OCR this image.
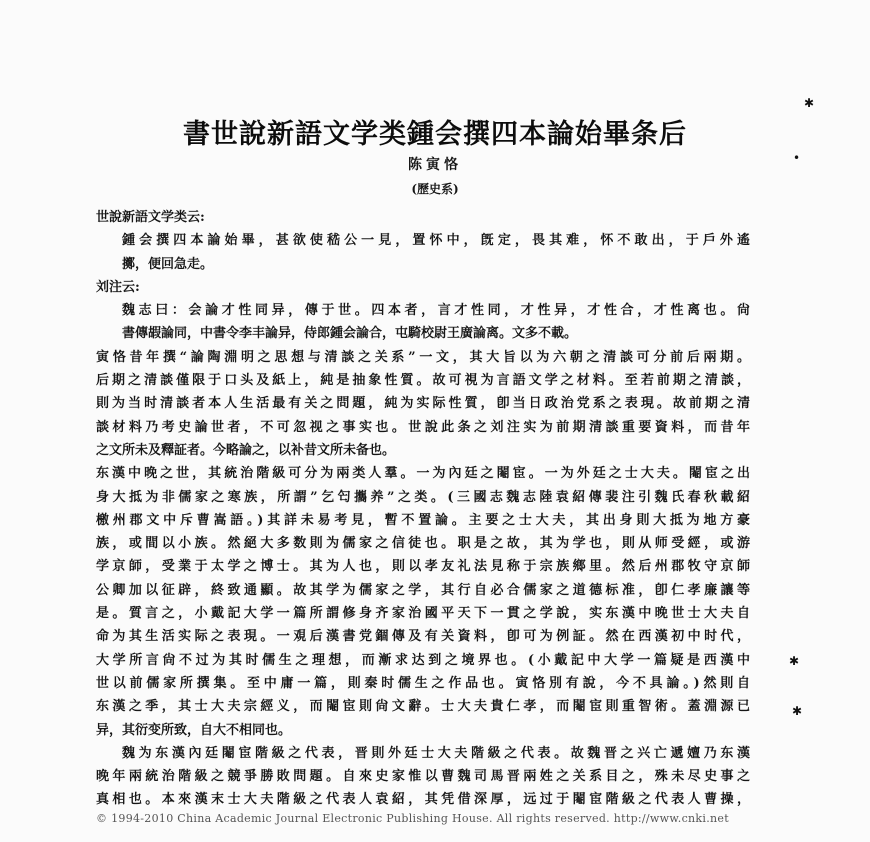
書世說新語文学类鍾会撰四本論始畢条后
陈寅恪
(歷史系)
世說新語文学类云:
鍾会撰四本論始畢，甚欲使嵇公一見，置怀中，旣定，畏其难，怀不敢出，于戶外遙
擲，便回急走。
刘注云:
魏志曰：会論才性同异，傳于世。四本者，言才性同，才性异，才性合，才性离也。尙
書傳嘏論同，中書令李丰論异，侍郎鍾会論合，屯騎校尉王廣論离。文多不載。
寅恪昔年撰“論陶淵明之思想与清談之关系”一文，其大旨以为六朝之清談可分前后兩期。
后期之清談僅限于口头及紙上，純是抽象性質。故可視为言語文学之材料。至若前期之清談，
則为当时清談者本人生活最有关之問題，純为实际性質，卽当日政治党系之表現。故前期之清
談材料乃考史論世者，不可忽视之事实也。世說此条之刘注实为前期清談重要資料，而昔年
之文所未及釋証者。今略論之，以补昔文所未备也。
东漢中晚之世，其統治階級可分为兩类人羣。一为內廷之閹宦。一为外廷之士大夫。閹宦之出
身大抵为非儒家之寒族，所謂”乞匄攜养”之类。(三國志魏志陸袁紹傳裴注引魏氏春秋載紹
檄州郡文中斥曹嵩語。)其詳未易考見，暫不置論。主要之士大夫，其出身則大抵为地方豪
族，或間以小族。然絕大多数則为儒家之信徒也。职是之故，其为学也，則从师受經，或游
学京師，受業于太学之博士。其为人也，則以孝友礼法見称于宗族鄉里。然后州郡牧守京師
公卿加以征辟，終致通顯。故其学为儒家之学，其行自必合儒家之道德标准，卽仁孝廉讓等
是。質言之，小戴記大学一篇所謂修身齐家治國平天下一貫之学說，实东漢中晚世士大夫自
命为其生活实际之表現。一覌后漢書党錮傳及有关資料，卽可为例証。然在西漢初中时代，
大学所言尙不过为其时儒生之理想，而漸求达到之境界也。(小戴記中大学一篇疑是西漢中
世以前儒家所撰集。至中庸一篇，則秦时儒生之作品也。寅恪別有說，今不具論。)然則自
东漢之季，其士大夫宗經义，而閹宦則尙文辭。士大夫貴仁孝，而閹宦則重智術。蓋淵源已
异，其衍变所致，自大不相同也。
魏为东漢內廷閹宦階級之代表，晋則外廷士大夫階級之代表。故魏晋之兴亡遞嬗乃东漢
晚年兩統治階級之競爭勝敗問題。自來史家惟以曹魏司馬晋兩姓之关系目之，殊未尽史事之
真相也。本來漢末士大夫階級之代表人袁紹，其凭借深厚，远过于閹宦階級之代表人曹操，
© 1994-2010 China Academic Journal Electronic Publishing House. All rights reserved. http://www.cnki.net
✱
•
✱
✱
